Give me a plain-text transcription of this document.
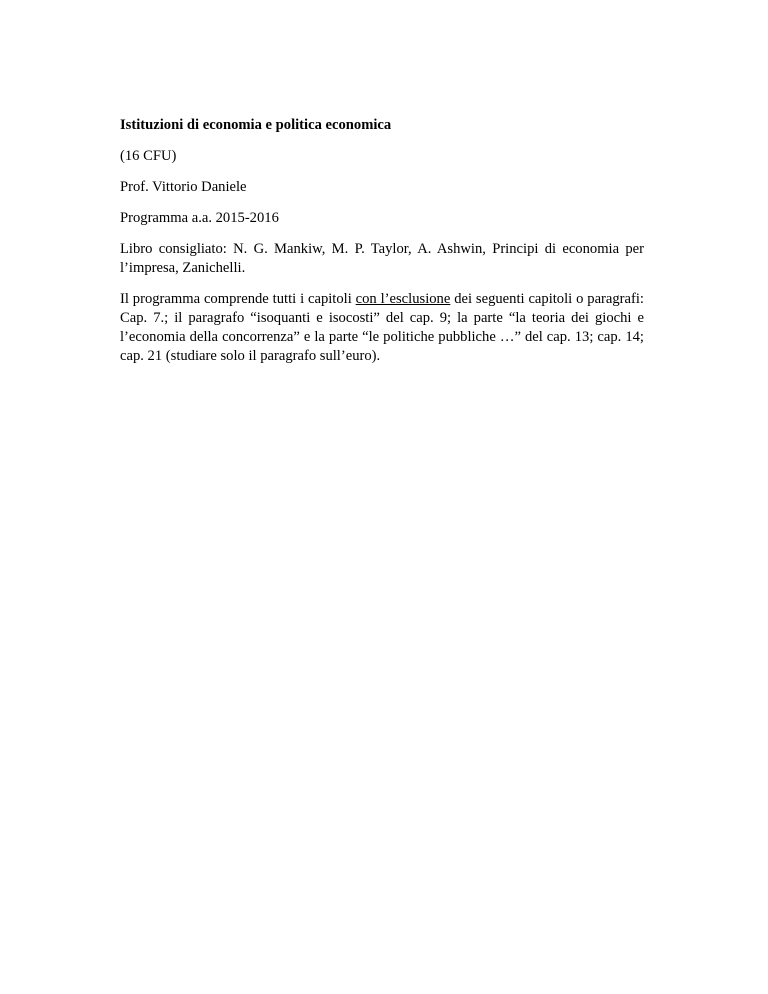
Istituzioni di economia e politica economica

(16 CFU)

Prof. Vittorio Daniele

Programma a.a. 2015-2016

Libro consigliato: N. G. Mankiw, M. P. Taylor, A. Ashwin, Principi di economia per l’impresa, Zanichelli.

Il programma comprende tutti i capitoli con l’esclusione dei seguenti capitoli o paragrafi: Cap. 7.; il paragrafo “isoquanti e isocosti” del cap. 9; la parte “la teoria dei giochi e l’economia della concorrenza” e la parte “le politiche pubbliche …” del cap. 13; cap. 14; cap. 21 (studiare solo il paragrafo sull’euro).
